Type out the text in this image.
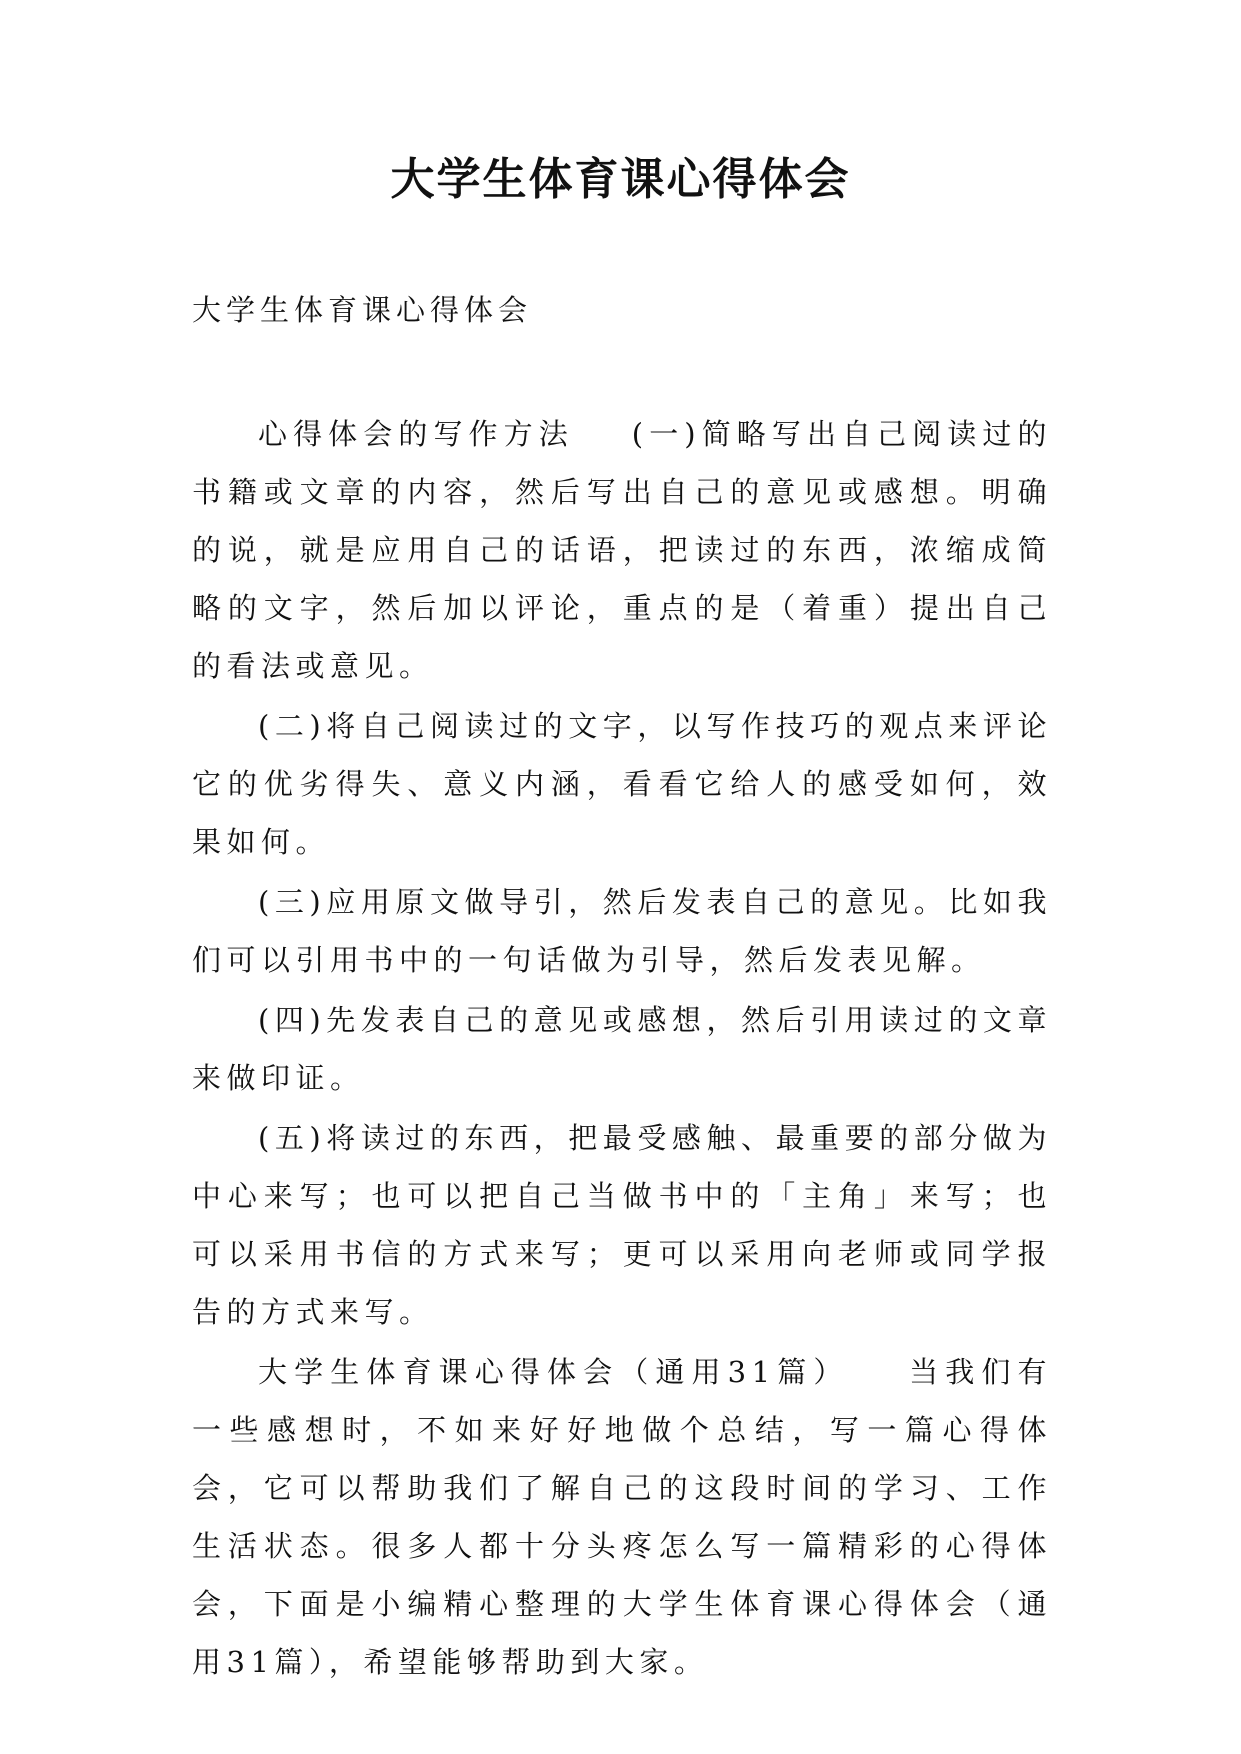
大学生体育课心得体会

大学生体育课心得体会

心得体会的写作方法 (一)简略写出自己阅读过的书籍或文章的内容，然后写出自己的意见或感想。明确的说，就是应用自己的话语，把读过的东西，浓缩成简略的文字，然后加以评论，重点的是（着重）提出自己的看法或意见。

(二)将自己阅读过的文字，以写作技巧的观点来评论它的优劣得失、意义内涵，看看它给人的感受如何，效果如何。

(三)应用原文做导引，然后发表自己的意见。比如我们可以引用书中的一句话做为引导，然后发表见解。

(四)先发表自己的意见或感想，然后引用读过的文章来做印证。

(五)将读过的东西，把最受感触、最重要的部分做为中心来写；也可以把自己当做书中的「主角」来写；也可以采用书信的方式来写；更可以采用向老师或同学报告的方式来写。

大学生体育课心得体会（通用31篇） 当我们有一些感想时，不如来好好地做个总结，写一篇心得体会，它可以帮助我们了解自己的这段时间的学习、工作生活状态。很多人都十分头疼怎么写一篇精彩的心得体会，下面是小编精心整理的大学生体育课心得体会（通用31篇），希望能够帮助到大家。
